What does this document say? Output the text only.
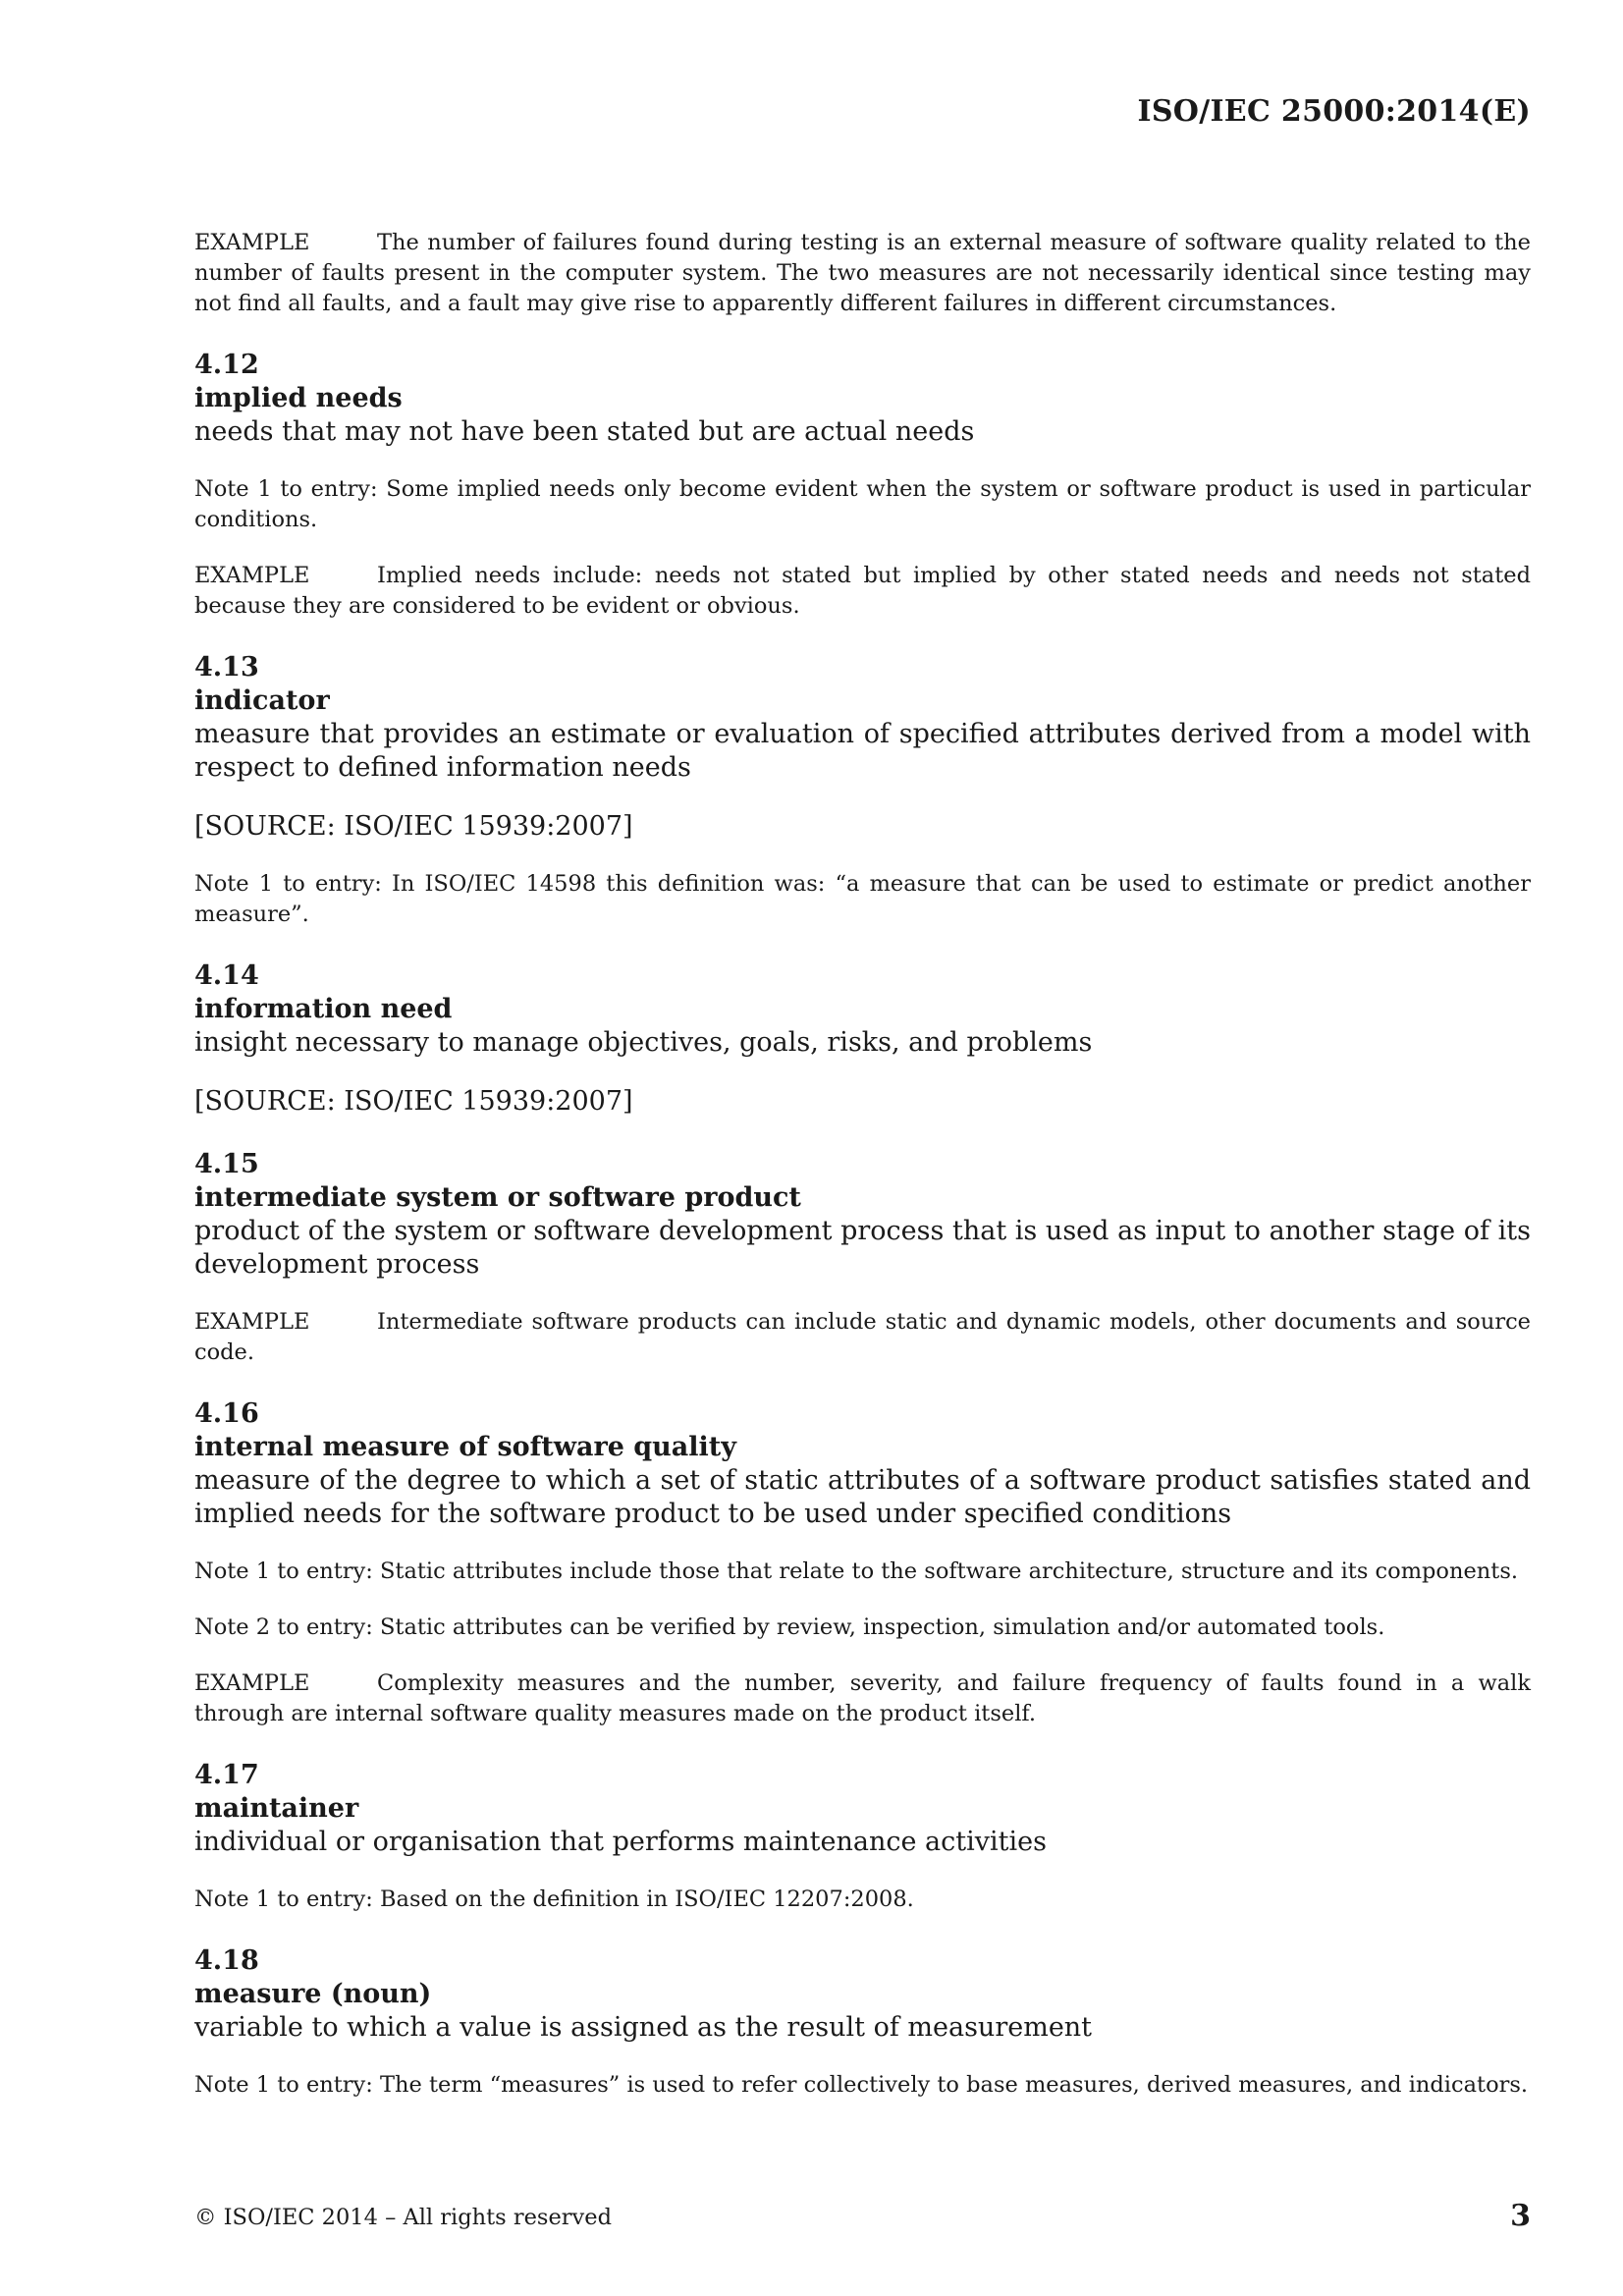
ISO/IEC 25000:2014(E)

EXAMPLE	The number of failures found during testing is an external measure of software quality related to the number of faults present in the computer system. The two measures are not necessarily identical since testing may not find all faults, and a fault may give rise to apparently different failures in different circumstances.

4.12
implied needs
needs that may not have been stated but are actual needs

Note 1 to entry: Some implied needs only become evident when the system or software product is used in particular conditions.

EXAMPLE	Implied needs include: needs not stated but implied by other stated needs and needs not stated because they are considered to be evident or obvious.

4.13
indicator
measure that provides an estimate or evaluation of specified attributes derived from a model with respect to defined information needs

[SOURCE: ISO/IEC 15939:2007]

Note 1 to entry: In ISO/IEC 14598 this definition was: “a measure that can be used to estimate or predict another measure”.

4.14
information need
insight necessary to manage objectives, goals, risks, and problems

[SOURCE: ISO/IEC 15939:2007]

4.15
intermediate system or software product
product of the system or software development process that is used as input to another stage of its development process

EXAMPLE	Intermediate software products can include static and dynamic models, other documents and source code.

4.16
internal measure of software quality
measure of the degree to which a set of static attributes of a software product satisfies stated and implied needs for the software product to be used under specified conditions

Note 1 to entry: Static attributes include those that relate to the software architecture, structure and its components.

Note 2 to entry: Static attributes can be verified by review, inspection, simulation and/or automated tools.

EXAMPLE	Complexity measures and the number, severity, and failure frequency of faults found in a walk through are internal software quality measures made on the product itself.

4.17
maintainer
individual or organisation that performs maintenance activities

Note 1 to entry: Based on the definition in ISO/IEC 12207:2008.

4.18
measure (noun)
variable to which a value is assigned as the result of measurement

Note 1 to entry: The term “measures” is used to refer collectively to base measures, derived measures, and indicators.

© ISO/IEC 2014 – All rights reserved	3
